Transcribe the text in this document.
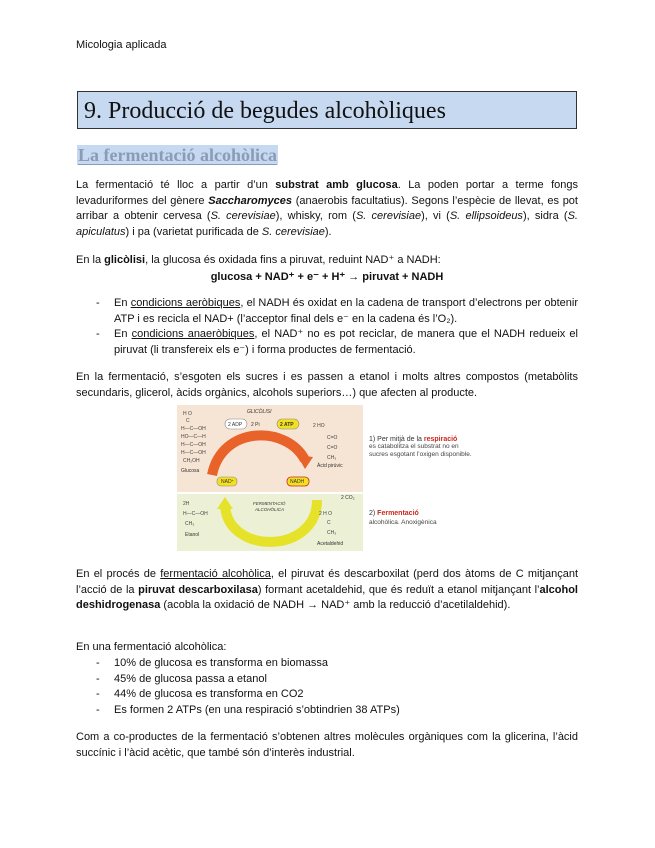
Micologia aplicada
9. Producció de begudes alcohòliques
La fermentació alcohòlica

La fermentació té lloc a partir d’un substrat amb glucosa. La poden portar a terme fongs levaduriformes del gènere Saccharomyces (anaerobis facultatius). Segons l’espècie de llevat, es pot arribar a obtenir cervesa (S. cerevisiae), whisky, rom (S. cerevisiae), vi (S. ellipsoideus), sidra (S. apiculatus) i pa (varietat purificada de S. cerevisiae).

En la glicòlisi, la glucosa és oxidada fins a piruvat, reduint NAD⁺ a NADH:

glucosa + NAD⁺ + e⁻ + H⁺ → piruvat + NADH
- En condicions aeròbiques, el NADH és oxidat en la cadena de transport d’electrons per obtenir ATP i es recicla el NAD+ (l’acceptor final dels e⁻ en la cadena és l’O₂).
- En condicions anaeròbiques, el NAD⁺ no es pot reciclar, de manera que el NADH redueix el piruvat (li transfereix els e⁻) i forma productes de fermentació.

En la fermentació, s’esgoten els sucres i es passen a etanol i molts altres compostos (metabòlits secundaris, glicerol, àcids orgànics, alcohols superiors…) que afecten al producte.

H O
C
H—C—OH
HO—C—H
H—C—OH
H—C—OH
CH₂OH
Glucosa
2 HO
C=O
C=O
CH₃
Àcid pirúvic
GLICÒLISI
2 ADP 2 Pi	2 ATP
NAD⁺	NADH
FERMENTACIÓ
ALCOHÒLICA
2H
H—C—OH
CH₃
Etanol
2 H O
C
CH₃
Acetaldehid
2 CO₂
1) Per mitjà de la respiració
es catabolitza el substrat no en sucres esgotant l’oxigen disponible.
2) Fermentació
alcohòlica. Anoxigènica

En el procés de fermentació alcohòlica, el piruvat és descarboxilat (perd dos àtoms de C mitjançant l’acció de la piruvat descarboxilasa) formant acetaldehid, que és reduït a etanol mitjançant l’alcohol deshidrogenasa (acobla la oxidació de NADH → NAD⁺ amb la reducció d’acetilaldehid).

En una fermentació alcohòlica:

- 10% de glucosa es transforma en biomassa
- 45% de glucosa passa a etanol
- 44% de glucosa es transforma en CO2
- Es formen 2 ATPs (en una respiració s’obtindrien 38 ATPs)

Com a co-productes de la fermentació s’obtenen altres molècules orgàniques com la glicerina, l’àcid succínic i l’àcid acètic, que també són d’interès industrial.
